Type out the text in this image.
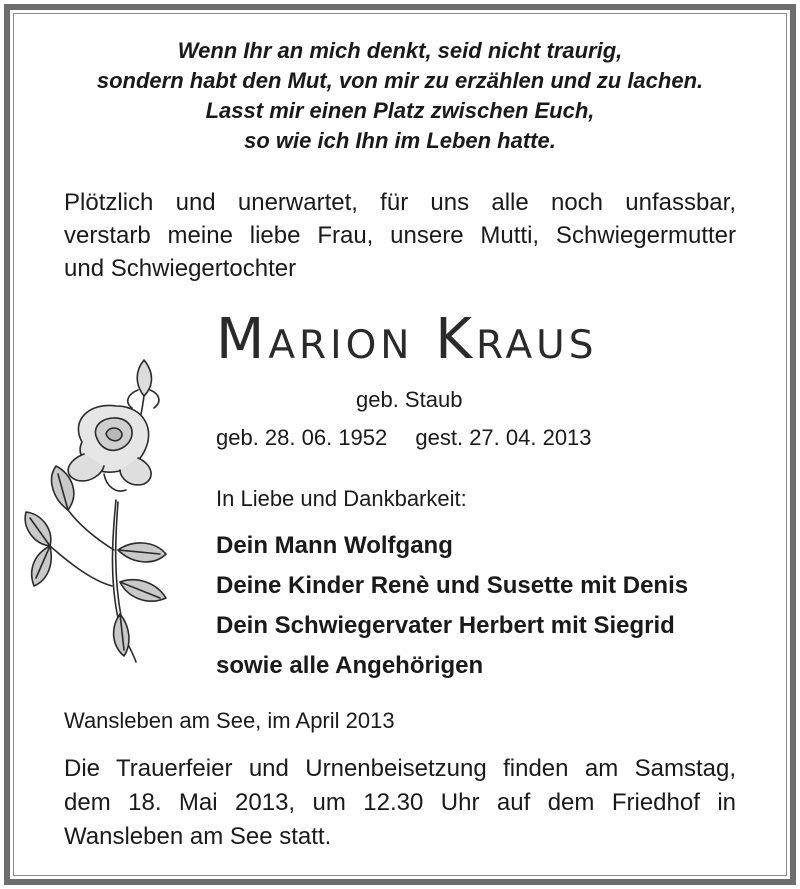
Wenn Ihr an mich denkt, seid nicht traurig,
sondern habt den Mut, von mir zu erzählen und zu lachen.
Lasst mir einen Platz zwischen Euch,
so wie ich Ihn im Leben hatte.
Plötzlich und unerwartet, für uns alle noch unfassbar,
verstarb meine liebe Frau, unsere Mutti, Schwiegermutter
und Schwiegertochter
Marion Kraus
geb. Staub
geb. 28. 06. 1952 gest. 27. 04. 2013
In Liebe und Dankbarkeit:
Dein Mann Wolfgang
Deine Kinder Renè und Susette mit Denis
Dein Schwiegervater Herbert mit Siegrid
sowie alle Angehörigen
Wansleben am See, im April 2013
Die Trauerfeier und Urnenbeisetzung finden am Samstag,
dem 18. Mai 2013, um 12.30 Uhr auf dem Friedhof in
Wansleben am See statt.
